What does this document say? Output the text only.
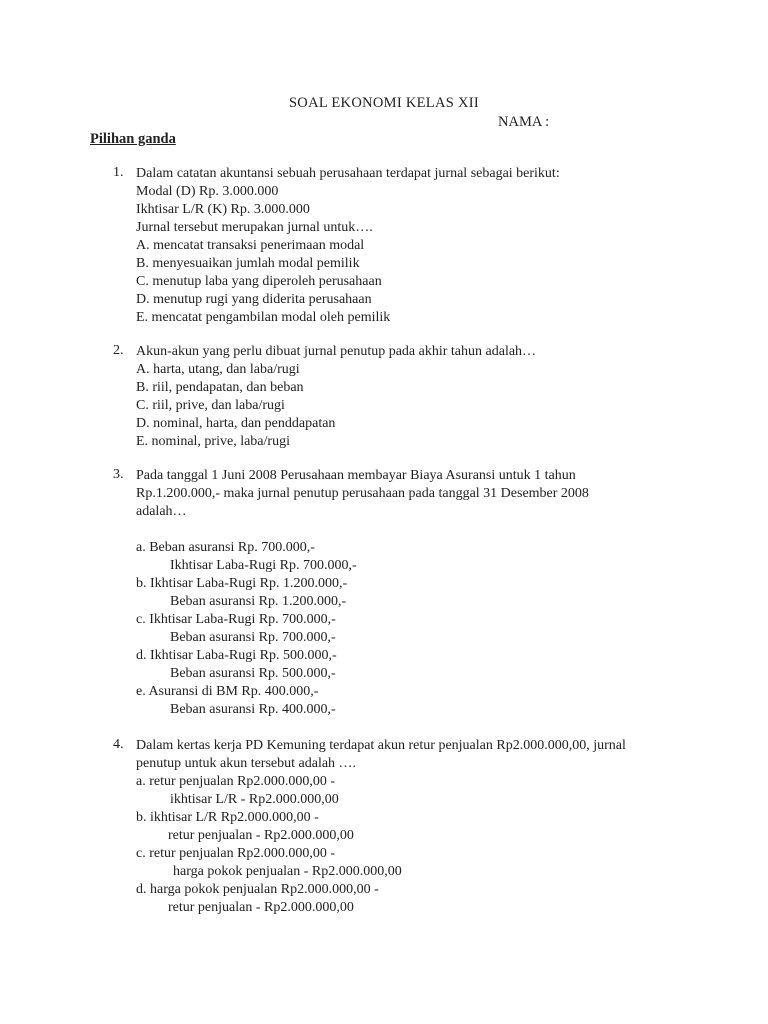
SOAL EKONOMI KELAS XII
NAMA :
Pilihan ganda
1. Dalam catatan akuntansi sebuah perusahaan terdapat jurnal sebagai berikut:
Modal (D) Rp. 3.000.000
Ikhtisar L/R (K) Rp. 3.000.000
Jurnal tersebut merupakan jurnal untuk….
A. mencatat transaksi penerimaan modal
B. menyesuaikan jumlah modal pemilik
C. menutup laba yang diperoleh perusahaan
D. menutup rugi yang diderita perusahaan
E. mencatat pengambilan modal oleh pemilik
2. Akun-akun yang perlu dibuat jurnal penutup pada akhir tahun adalah…
A. harta, utang, dan laba/rugi
B. riil, pendapatan, dan beban
C. riil, prive, dan laba/rugi
D. nominal, harta, dan penddapatan
E. nominal, prive, laba/rugi
3. Pada tanggal 1 Juni 2008 Perusahaan membayar Biaya Asuransi untuk 1 tahun
Rp.1.200.000,- maka jurnal penutup perusahaan pada tanggal 31 Desember 2008
adalah…
a. Beban asuransi Rp. 700.000,-
Ikhtisar Laba-Rugi Rp. 700.000,-
b. Ikhtisar Laba-Rugi Rp. 1.200.000,-
Beban asuransi Rp. 1.200.000,-
c. Ikhtisar Laba-Rugi Rp. 700.000,-
Beban asuransi Rp. 700.000,-
d. Ikhtisar Laba-Rugi Rp. 500.000,-
Beban asuransi Rp. 500.000,-
e. Asuransi di BM Rp. 400.000,-
Beban asuransi Rp. 400.000,-
4. Dalam kertas kerja PD Kemuning terdapat akun retur penjualan Rp2.000.000,00, jurnal
penutup untuk akun tersebut adalah ….
a. retur penjualan Rp2.000.000,00 -
ikhtisar L/R - Rp2.000.000,00
b. ikhtisar L/R Rp2.000.000,00 -
retur penjualan - Rp2.000.000,00
c. retur penjualan Rp2.000.000,00 -
harga pokok penjualan - Rp2.000.000,00
d. harga pokok penjualan Rp2.000.000,00 -
retur penjualan - Rp2.000.000,00
